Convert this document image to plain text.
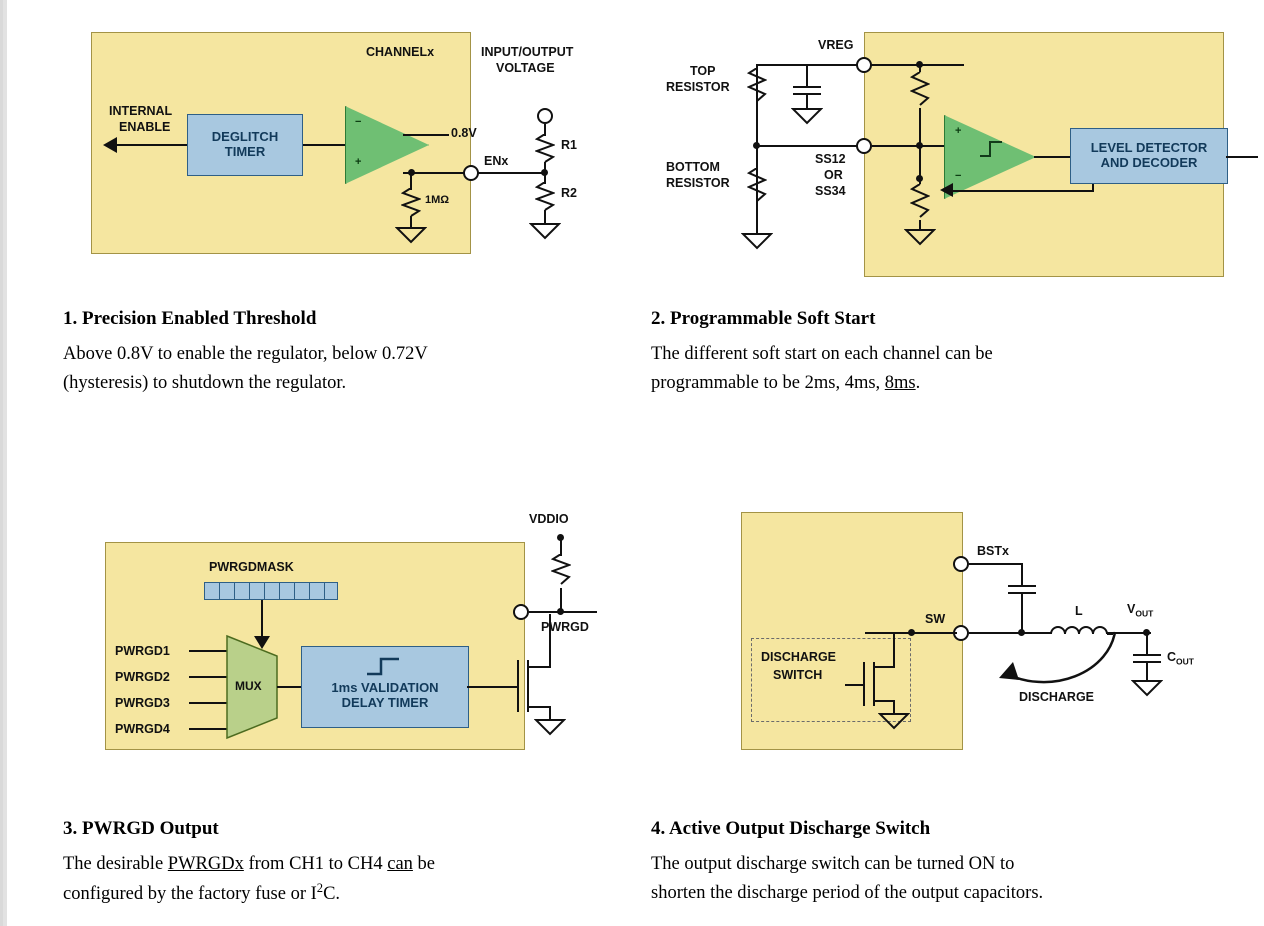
CHANNELx	INPUT/OUTPUT
VOLTAGE
INTERNAL
ENABLE
DEGLITCH
TIMER
−
+
0.8V
1MΩ
ENx
R1
R2
VREG
TOP
RESISTOR
BOTTOM
RESISTOR
SS12
OR
SS34
+
−
LEVEL DETECTOR
AND DECODER
1. Precision Enabled Threshold
Above 0.8V to enable the regulator, below 0.72V
(hysteresis) to shutdown the regulator.
2. Programmable Soft Start
The different soft start on each channel can be
programmable to be 2ms, 4ms, 8ms.
PWRGDMASK
PWRGD1
PWRGD2
PWRGD3
PWRGD4
MUX	1ms VALIDATION
DELAY TIMER
PWRGD
VDDIO
BSTx
SW
L	$V_{OUT}$
$C_{OUT}$
DISCHARGE
SWITCH
DISCHARGE
3. PWRGD Output
The desirable PWRGDx from CH1 to CH4 can be
configured by the factory fuse or $I^2C$.
4. Active Output Discharge Switch
The output discharge switch can be turned ON to
shorten the discharge period of the output capacitors.
